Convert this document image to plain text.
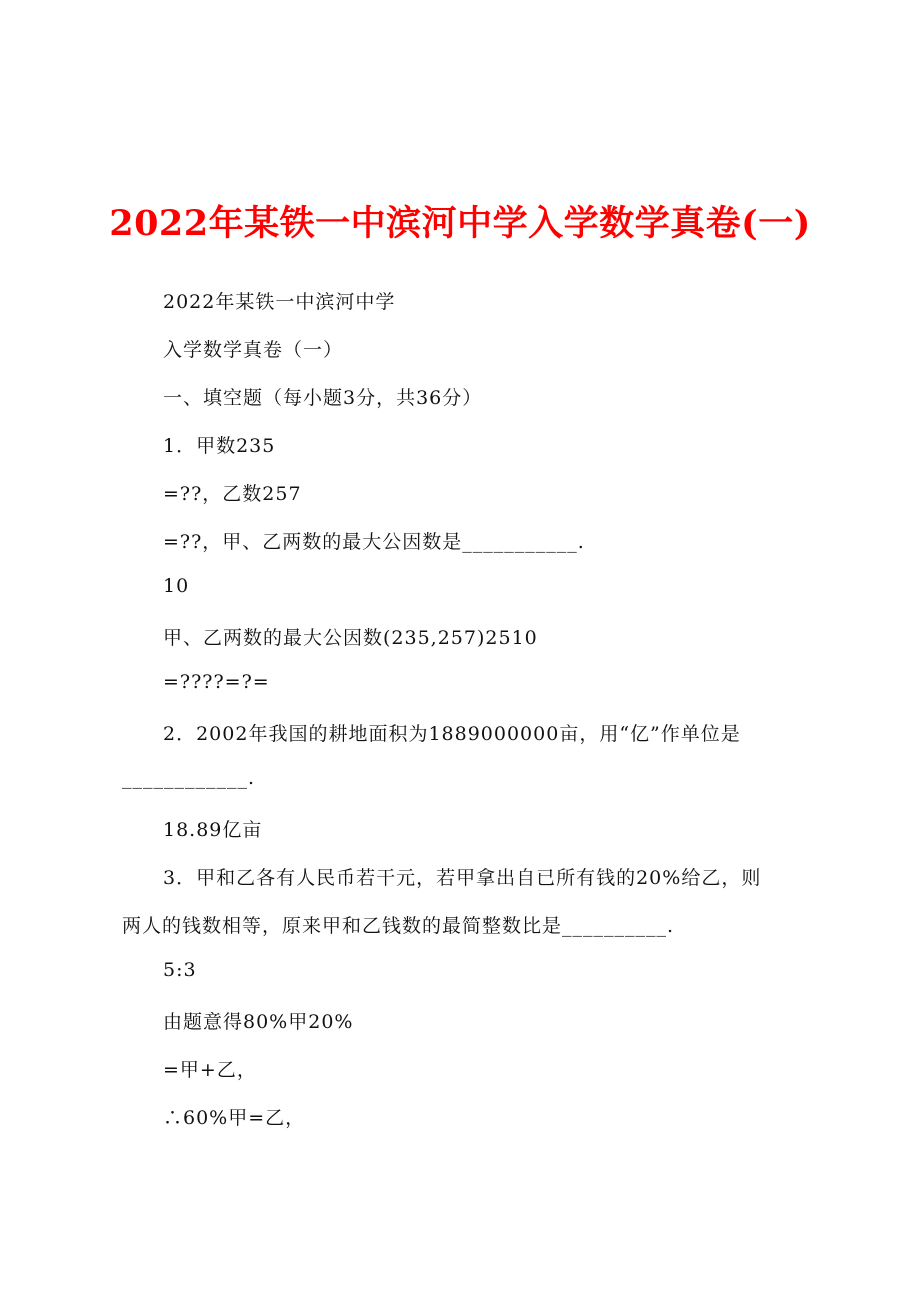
2022年某铁一中滨河中学入学数学真卷(一)

2022年某铁一中滨河中学

入学数学真卷（一）

一、填空题（每小题3分，共36分）

1．甲数235

=??，乙数257

=??，甲、乙两数的最大公因数是___________.

10

甲、乙两数的最大公因数(235,257)2510

=????=?=

2．2002年我国的耕地面积为1889000000亩，用“亿”作单位是

____________.

18.89亿亩

3．甲和乙各有人民币若干元，若甲拿出自已所有钱的20%给乙，则

两人的钱数相等，原来甲和乙钱数的最简整数比是__________.

5:3

由题意得80%甲20%

=甲+乙，

∴60%甲=乙，
